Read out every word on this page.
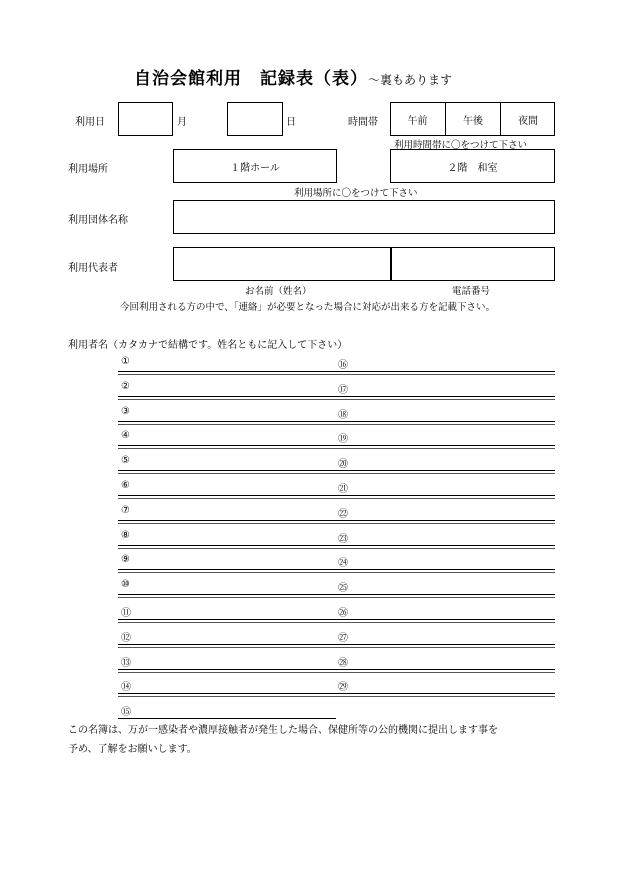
自治会館利用　記録表（表）～裏もあります
利用日	月	日	時間帯	午前	午後	夜間
利用時間帯に〇をつけて下さい
利用場所	１階ホール	２階　和室
利用場所に〇をつけて下さい
利用団体名称
利用代表者
お名前（姓名）	電話番号
今回利用される方の中で、「連絡」が必要となった場合に対応が出来る方を記載下さい。
利用者名（カタカナで結構です。姓名ともに記入して下さい）
①	⑯
②	⑰
③	⑱
④	⑲
⑤	⑳
⑥	㉑
⑦	㉒
⑧	㉓
⑨	㉔
⑩	㉕
⑪	㉖
⑫	㉗
⑬	㉘
⑭	㉙
⑮
この名簿は、万が一感染者や濃厚接触者が発生した場合、保健所等の公的機関に提出します事を
予め、了解をお願いします。
